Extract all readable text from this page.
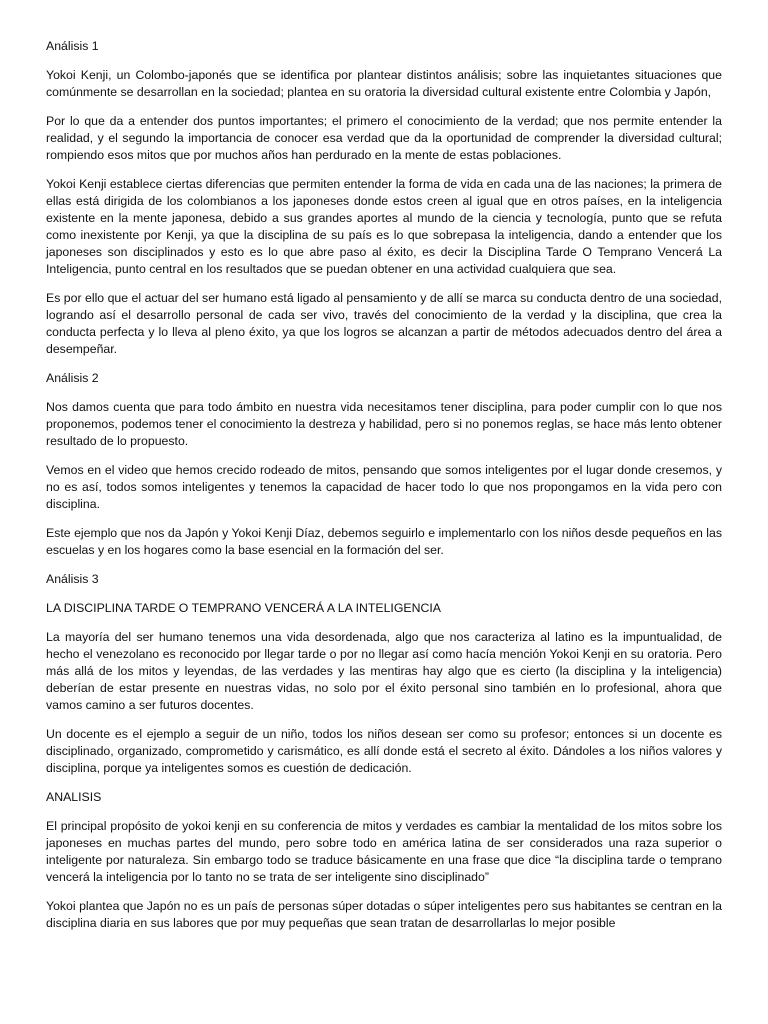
Análisis 1

Yokoi Kenji, un Colombo-japonés que se identifica por plantear distintos análisis; sobre las inquietantes situaciones que comúnmente se desarrollan en la sociedad; plantea en su oratoria la diversidad cultural existente entre Colombia y Japón,

Por lo que da a entender dos puntos importantes; el primero el conocimiento de la verdad; que nos permite entender la realidad, y el segundo la importancia de conocer esa verdad que da la oportunidad de comprender la diversidad cultural; rompiendo esos mitos que por muchos años han perdurado en la mente de estas poblaciones.

Yokoi Kenji establece ciertas diferencias que permiten entender la forma de vida en cada una de las naciones; la primera de ellas está dirigida de los colombianos a los japoneses donde estos creen al igual que en otros países, en la inteligencia existente en la mente japonesa, debido a sus grandes aportes al mundo de la ciencia y tecnología, punto que se refuta como inexistente por Kenji, ya que la disciplina de su país es lo que sobrepasa la inteligencia, dando a entender que los japoneses son disciplinados y esto es lo que abre paso al éxito, es decir la Disciplina Tarde O Temprano Vencerá La Inteligencia, punto central en los resultados que se puedan obtener en una actividad cualquiera que sea.

Es por ello que el actuar del ser humano está ligado al pensamiento y de allí se marca su conducta dentro de una sociedad, logrando así el desarrollo personal de cada ser vivo, través del conocimiento de la verdad y la disciplina, que crea la conducta perfecta y lo lleva al pleno éxito, ya que los logros se alcanzan a partir de métodos adecuados dentro del área a desempeñar.

Análisis 2

Nos damos cuenta que para todo ámbito en nuestra vida necesitamos tener disciplina, para poder cumplir con lo que nos proponemos, podemos tener el conocimiento la destreza y habilidad, pero si no ponemos reglas, se hace más lento obtener resultado de lo propuesto.

Vemos en el video que hemos crecido rodeado de mitos, pensando que somos inteligentes por el lugar donde cresemos, y no es así, todos somos inteligentes y tenemos la capacidad de hacer todo lo que nos propongamos en la vida pero con disciplina.

Este ejemplo que nos da Japón y Yokoi Kenji Díaz, debemos seguirlo e implementarlo con los niños desde pequeños en las escuelas y en los hogares como la base esencial en la formación del ser.

Análisis 3

LA DISCIPLINA TARDE O TEMPRANO VENCERÁ A LA INTELIGENCIA

La mayoría del ser humano tenemos una vida desordenada, algo que nos caracteriza al latino es la impuntualidad, de hecho el venezolano es reconocido por llegar tarde o por no llegar así como hacía mención Yokoi Kenji en su oratoria. Pero más allá de los mitos y leyendas, de las verdades y las mentiras hay algo que es cierto (la disciplina y la inteligencia) deberían de estar presente en nuestras vidas, no solo por el éxito personal sino también en lo profesional, ahora que vamos camino a ser futuros docentes.

Un docente es el ejemplo a seguir de un niño, todos los niños desean ser como su profesor; entonces si un docente es disciplinado, organizado, comprometido y carismático, es allí donde está el secreto al éxito. Dándoles a los niños valores y disciplina, porque ya inteligentes somos es cuestión de dedicación.

ANALISIS

El principal propósito de yokoi kenji en su conferencia de mitos y verdades es cambiar la mentalidad de los mitos sobre los japoneses en muchas partes del mundo, pero sobre todo en américa latina de ser considerados una raza superior o inteligente por naturaleza. Sin embargo todo se traduce básicamente en una frase que dice “la disciplina tarde o temprano vencerá la inteligencia por lo tanto no se trata de ser inteligente sino disciplinado”

Yokoi plantea que Japón no es un país de personas súper dotadas o súper inteligentes pero sus habitantes se centran en la disciplina diaria en sus labores que por muy pequeñas que sean tratan de desarrollarlas lo mejor posible
